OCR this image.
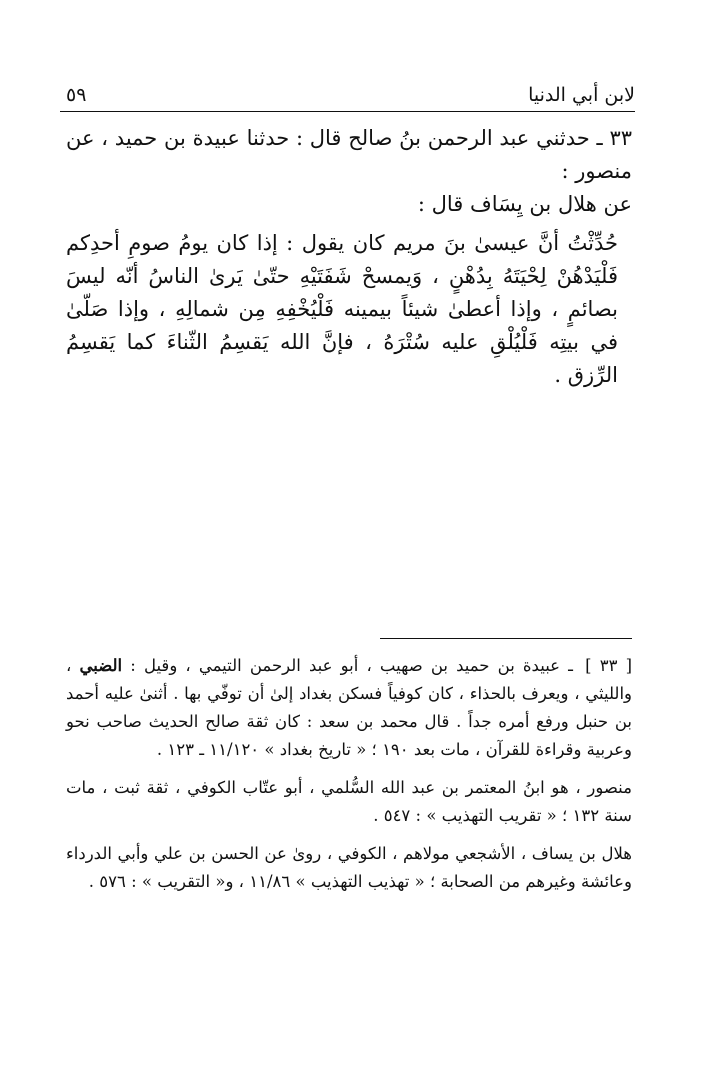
لابن أبي الدنيا
٥٩

٣٣ ـ حدثني عبد الرحمن بنُ صالح قال : حدثنا عبيدة بن حميد ، عن منصور :

عن هلال بن يِسَاف قال :

حُدِّثْتُ أنَّ عيسىٰ بنَ مريم كان يقول : إذا كان يومُ صومِ أحدِكم فَلْيَدْهُنْ لِحْيَتَهُ بِدُهْنٍ ، وَيمسحْ شَفَتَيْهِ حتّىٰ يَرىٰ الناسُ أنّه ليسَ بصائمٍ ، وإذا أعطىٰ شيئاً بيمينه فَلْيُخْفِهِ مِن شمالِهِ ، وإذا صَلّىٰ في بيتِه فَلْيُلْقِ عليه سُتْرَهُ ، فإنَّ الله يَقسِمُ الثّناءَ كما يَقسِمُ الرِّزق .

[ ٣٣ ] ـ عبيدة بن حميد بن صهيب ، أبو عبد الرحمن التيمي ، وقيل : الضبي ، والليثي ، ويعرف بالحذاء ، كان كوفياً فسكن بغداد إلىٰ أن توفّي بها . أثنىٰ عليه أحمد بن حنبل ورفع أمره جداً . قال محمد بن سعد : كان ثقة صالح الحديث صاحب نحو وعربية وقراءة للقرآن ، مات بعد ١٩٠ ؛ « تاريخ بغداد » ١١/١٢٠ ـ ١٢٣ .

منصور ، هو ابنُ المعتمر بن عبد الله السُّلمي ، أبو عتّاب الكوفي ، ثقة ثبت ، مات سنة ١٣٢ ؛ « تقريب التهذيب » : ٥٤٧ .

هلال بن يساف ، الأشجعي مولاهم ، الكوفي ، روىٰ عن الحسن بن علي وأبي الدرداء وعائشة وغيرهم من الصحابة ؛ « تهذيب التهذيب » ١١/٨٦ ، و« التقريب » : ٥٧٦ .
